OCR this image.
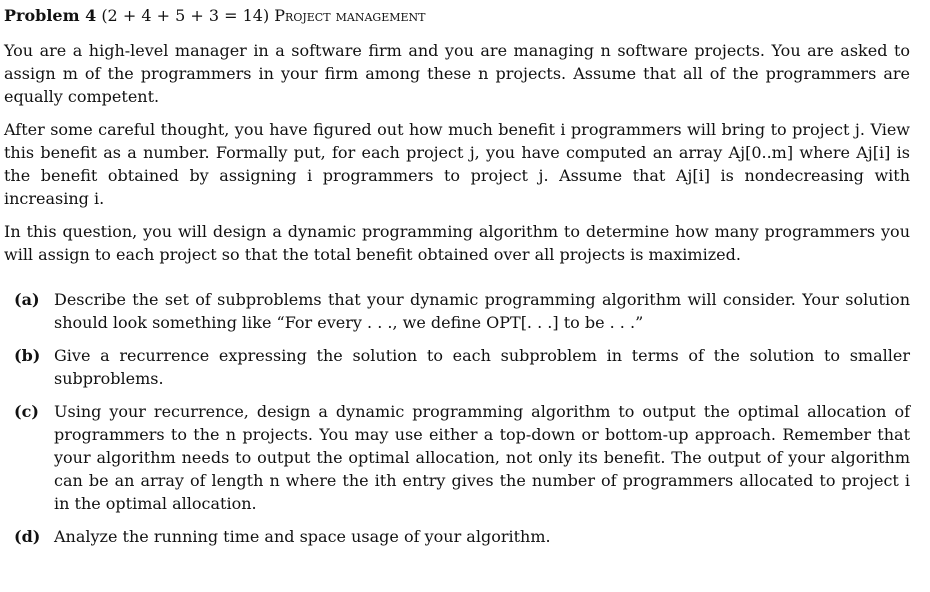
Problem 4 (2 + 4 + 5 + 3 = 14) Project management

You are a high-level manager in a software firm and you are managing n software projects. You are asked to assign m of the programmers in your firm among these n projects. Assume that all of the programmers are equally competent.

After some careful thought, you have figured out how much benefit i programmers will bring to project j. View this benefit as a number. Formally put, for each project j, you have computed an array Aj[0..m] where Aj[i] is the benefit obtained by assigning i programmers to project j. Assume that Aj[i] is nondecreasing with increasing i.

In this question, you will design a dynamic programming algorithm to determine how many programmers you will assign to each project so that the total benefit obtained over all projects is maximized.

(a) Describe the set of subproblems that your dynamic programming algorithm will consider. Your solution should look something like “For every . . ., we define OPT[. . .] to be . . .”
(b) Give a recurrence expressing the solution to each subproblem in terms of the solution to smaller subproblems.
(c) Using your recurrence, design a dynamic programming algorithm to output the optimal allocation of programmers to the n projects. You may use either a top-down or bottom-up approach. Remember that your algorithm needs to output the optimal allocation, not only its benefit. The output of your algorithm can be an array of length n where the ith entry gives the number of programmers allocated to project i in the optimal allocation.
(d) Analyze the running time and space usage of your algorithm.
